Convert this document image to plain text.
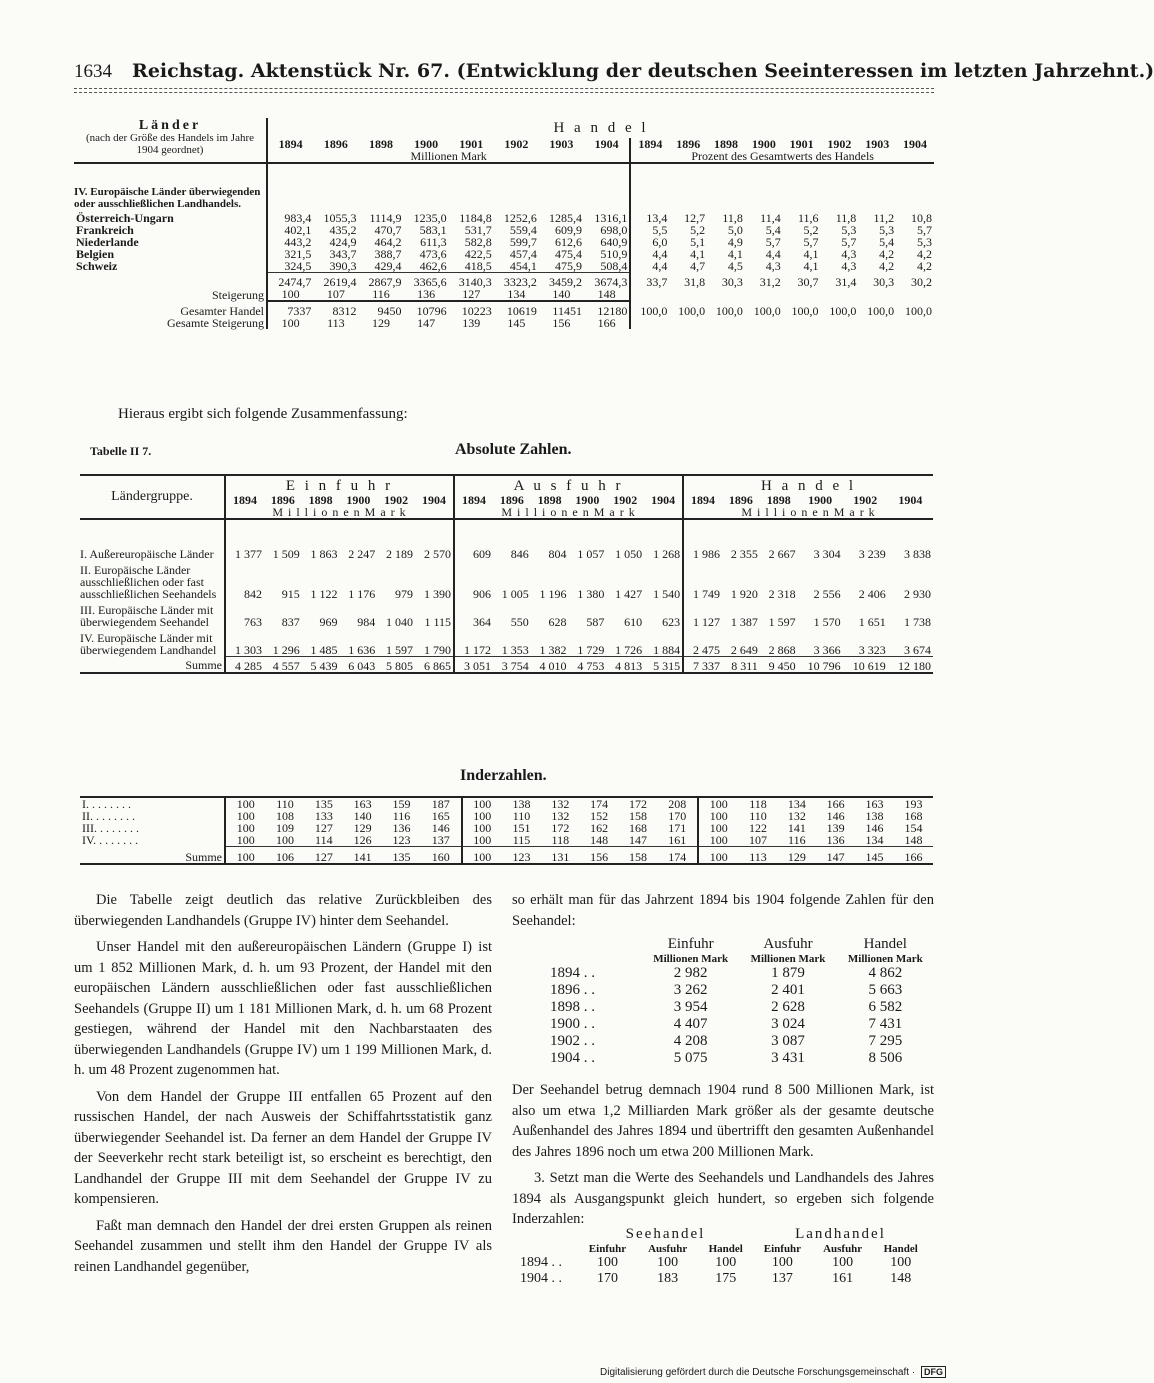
1634 Reichstag. Aktenstück Nr. 67. (Entwicklung der deutschen Seeinteressen im letzten Jahrzehnt.)
Länder
(nach der Größe des Handels im Jahre 1904 geordnet)	H a n d e l															
	1894	1896	1898	1900	1901	1902	1903	1904	1894	1896	1898	1900	1901	1902	1903	1904
	Millionen Mark								Prozent des Gesamtwerts des Handels							
IV. Europäische Länder überwiegenden oder ausschließlichen Landhandels.																
Österreich-Ungarn	983,4	1055,3	1114,9	1235,0	1184,8	1252,6	1285,4	1316,1	13,4	12,7	11,8	11,4	11,6	11,8	11,2	10,8
Frankreich	402,1	435,2	470,7	583,1	531,7	559,4	609,9	698,0	5,5	5,2	5,0	5,4	5,2	5,3	5,3	5,7
Niederlande	443,2	424,9	464,2	611,3	582,8	599,7	612,6	640,9	6,0	5,1	4,9	5,7	5,7	5,7	5,4	5,3
Belgien	321,5	343,7	388,7	473,6	422,5	457,4	475,4	510,9	4,4	4,1	4,1	4,4	4,1	4,3	4,2	4,2
Schweiz	324,5	390,3	429,4	462,6	418,5	454,1	475,9	508,4	4,4	4,7	4,5	4,3	4,1	4,3	4,2	4,2
	2474,7	2619,4	2867,9	3365,6	3140,3	3323,2	3459,2	3674,3	33,7	31,8	30,3	31,2	30,7	31,4	30,3	30,2
Steigerung	100	107	116	136	127	134	140	148								
Gesamter Handel	7337	8312	9450	10796	10223	10619	11451	12180	100,0	100,0	100,0	100,0	100,0	100,0	100,0	100,0
Gesamte Steigerung	100	113	129	147	139	145	156	166								
Hieraus ergibt sich folgende Zusammenfassung:
Tabelle II 7.	Absolute Zahlen.
Ländergruppe.	E i n f u h r						A u s f u h r						H a n d e l					
	1894	1896	1898	1900	1902	1904	1894	1896	1898	1900	1902	1904	1894	1896	1898	1900	1902	1904
	M i l l i o n e n M a r k						M i l l i o n e n M a r k						M i l l i o n e n M a r k					
I. Außereuropäische Länder	1 377	1 509	1 863	2 247	2 189	2 570	609	846	804	1 057	1 050	1 268	1 986	2 355	2 667	3 304	3 239	3 838
II. Europäische Länder ausschließlichen oder fast ausschließlichen Seehandels	842	915	1 122	1 176	979	1 390	906	1 005	1 196	1 380	1 427	1 540	1 749	1 920	2 318	2 556	2 406	2 930
III. Europäische Länder mit überwiegendem Seehandel	763	837	969	984	1 040	1 115	364	550	628	587	610	623	1 127	1 387	1 597	1 570	1 651	1 738
IV. Europäische Länder mit überwiegendem Landhandel	1 303	1 296	1 485	1 636	1 597	1 790	1 172	1 353	1 382	1 729	1 726	1 884	2 475	2 649	2 868	3 366	3 323	3 674
Summe	4 285	4 557	5 439	6 043	5 805	6 865	3 051	3 754	4 010	4 753	4 813	5 315	7 337	8 311	9 450	10 796	10 619	12 180
Inderzahlen.
I. . . . . . . .	100	110	135	163	159	187	100	138	132	174	172	208	100	118	134	166	163	193
II. . . . . . . .	100	108	133	140	116	165	100	110	132	152	158	170	100	110	132	146	138	168
III. . . . . . . .	100	109	127	129	136	146	100	151	172	162	168	171	100	122	141	139	146	154
IV. . . . . . . .	100	100	114	126	123	137	100	115	118	148	147	161	100	107	116	136	134	148
Summe	100	106	127	141	135	160	100	123	131	156	158	174	100	113	129	147	145	166

Die Tabelle zeigt deutlich das relative Zurückbleiben des überwiegenden Landhandels (Gruppe IV) hinter dem Seehandel.

Unser Handel mit den außereuropäischen Ländern (Gruppe I) ist um 1 852 Millionen Mark, d. h. um 93 Prozent, der Handel mit den europäischen Ländern ausschließlichen oder fast ausschließlichen Seehandels (Gruppe II) um 1 181 Millionen Mark, d. h. um 68 Prozent gestiegen, während der Handel mit den Nachbarstaaten des überwiegenden Landhandels (Gruppe IV) um 1 199 Millionen Mark, d. h. um 48 Prozent zugenommen hat.

Von dem Handel der Gruppe III entfallen 65 Prozent auf den russischen Handel, der nach Ausweis der Schiffahrtsstatistik ganz überwiegender Seehandel ist. Da ferner an dem Handel der Gruppe IV der Seeverkehr recht stark beteiligt ist, so erscheint es berechtigt, den Landhandel der Gruppe III mit dem Seehandel der Gruppe IV zu kompensieren.

Faßt man demnach den Handel der drei ersten Gruppen als reinen Seehandel zusammen und stellt ihm den Handel der Gruppe IV als reinen Landhandel gegenüber,

so erhält man für das Jahrzent 1894 bis 1904 folgende Zahlen für den Seehandel:

	Einfuhr	Ausfuhr	Handel
	Millionen Mark	Millionen Mark	Millionen Mark
1894 . .	2 982	1 879	4 862
1896 . .	3 262	2 401	5 663
1898 . .	3 954	2 628	6 582
1900 . .	4 407	3 024	7 431
1902 . .	4 208	3 087	7 295
1904 . .	5 075	3 431	8 506

Der Seehandel betrug demnach 1904 rund 8 500 Millionen Mark, ist also um etwa 1,2 Milliarden Mark größer als der gesamte deutsche Außenhandel des Jahres 1894 und übertrifft den gesamten Außenhandel des Jahres 1896 noch um etwa 200 Millionen Mark.

3. Setzt man die Werte des Seehandels und Landhandels des Jahres 1894 als Ausgangspunkt gleich hundert, so ergeben sich folgende Inderzahlen:

	Seehandel			Landhandel		
	Einfuhr	Ausfuhr	Handel	Einfuhr	Ausfuhr	Handel
1894 . .	100	100	100	100	100	100
1904 . .	170	183	175	137	161	148
Digitalisierung gefördert durch die Deutsche Forschungsgemeinschaft · DFG
